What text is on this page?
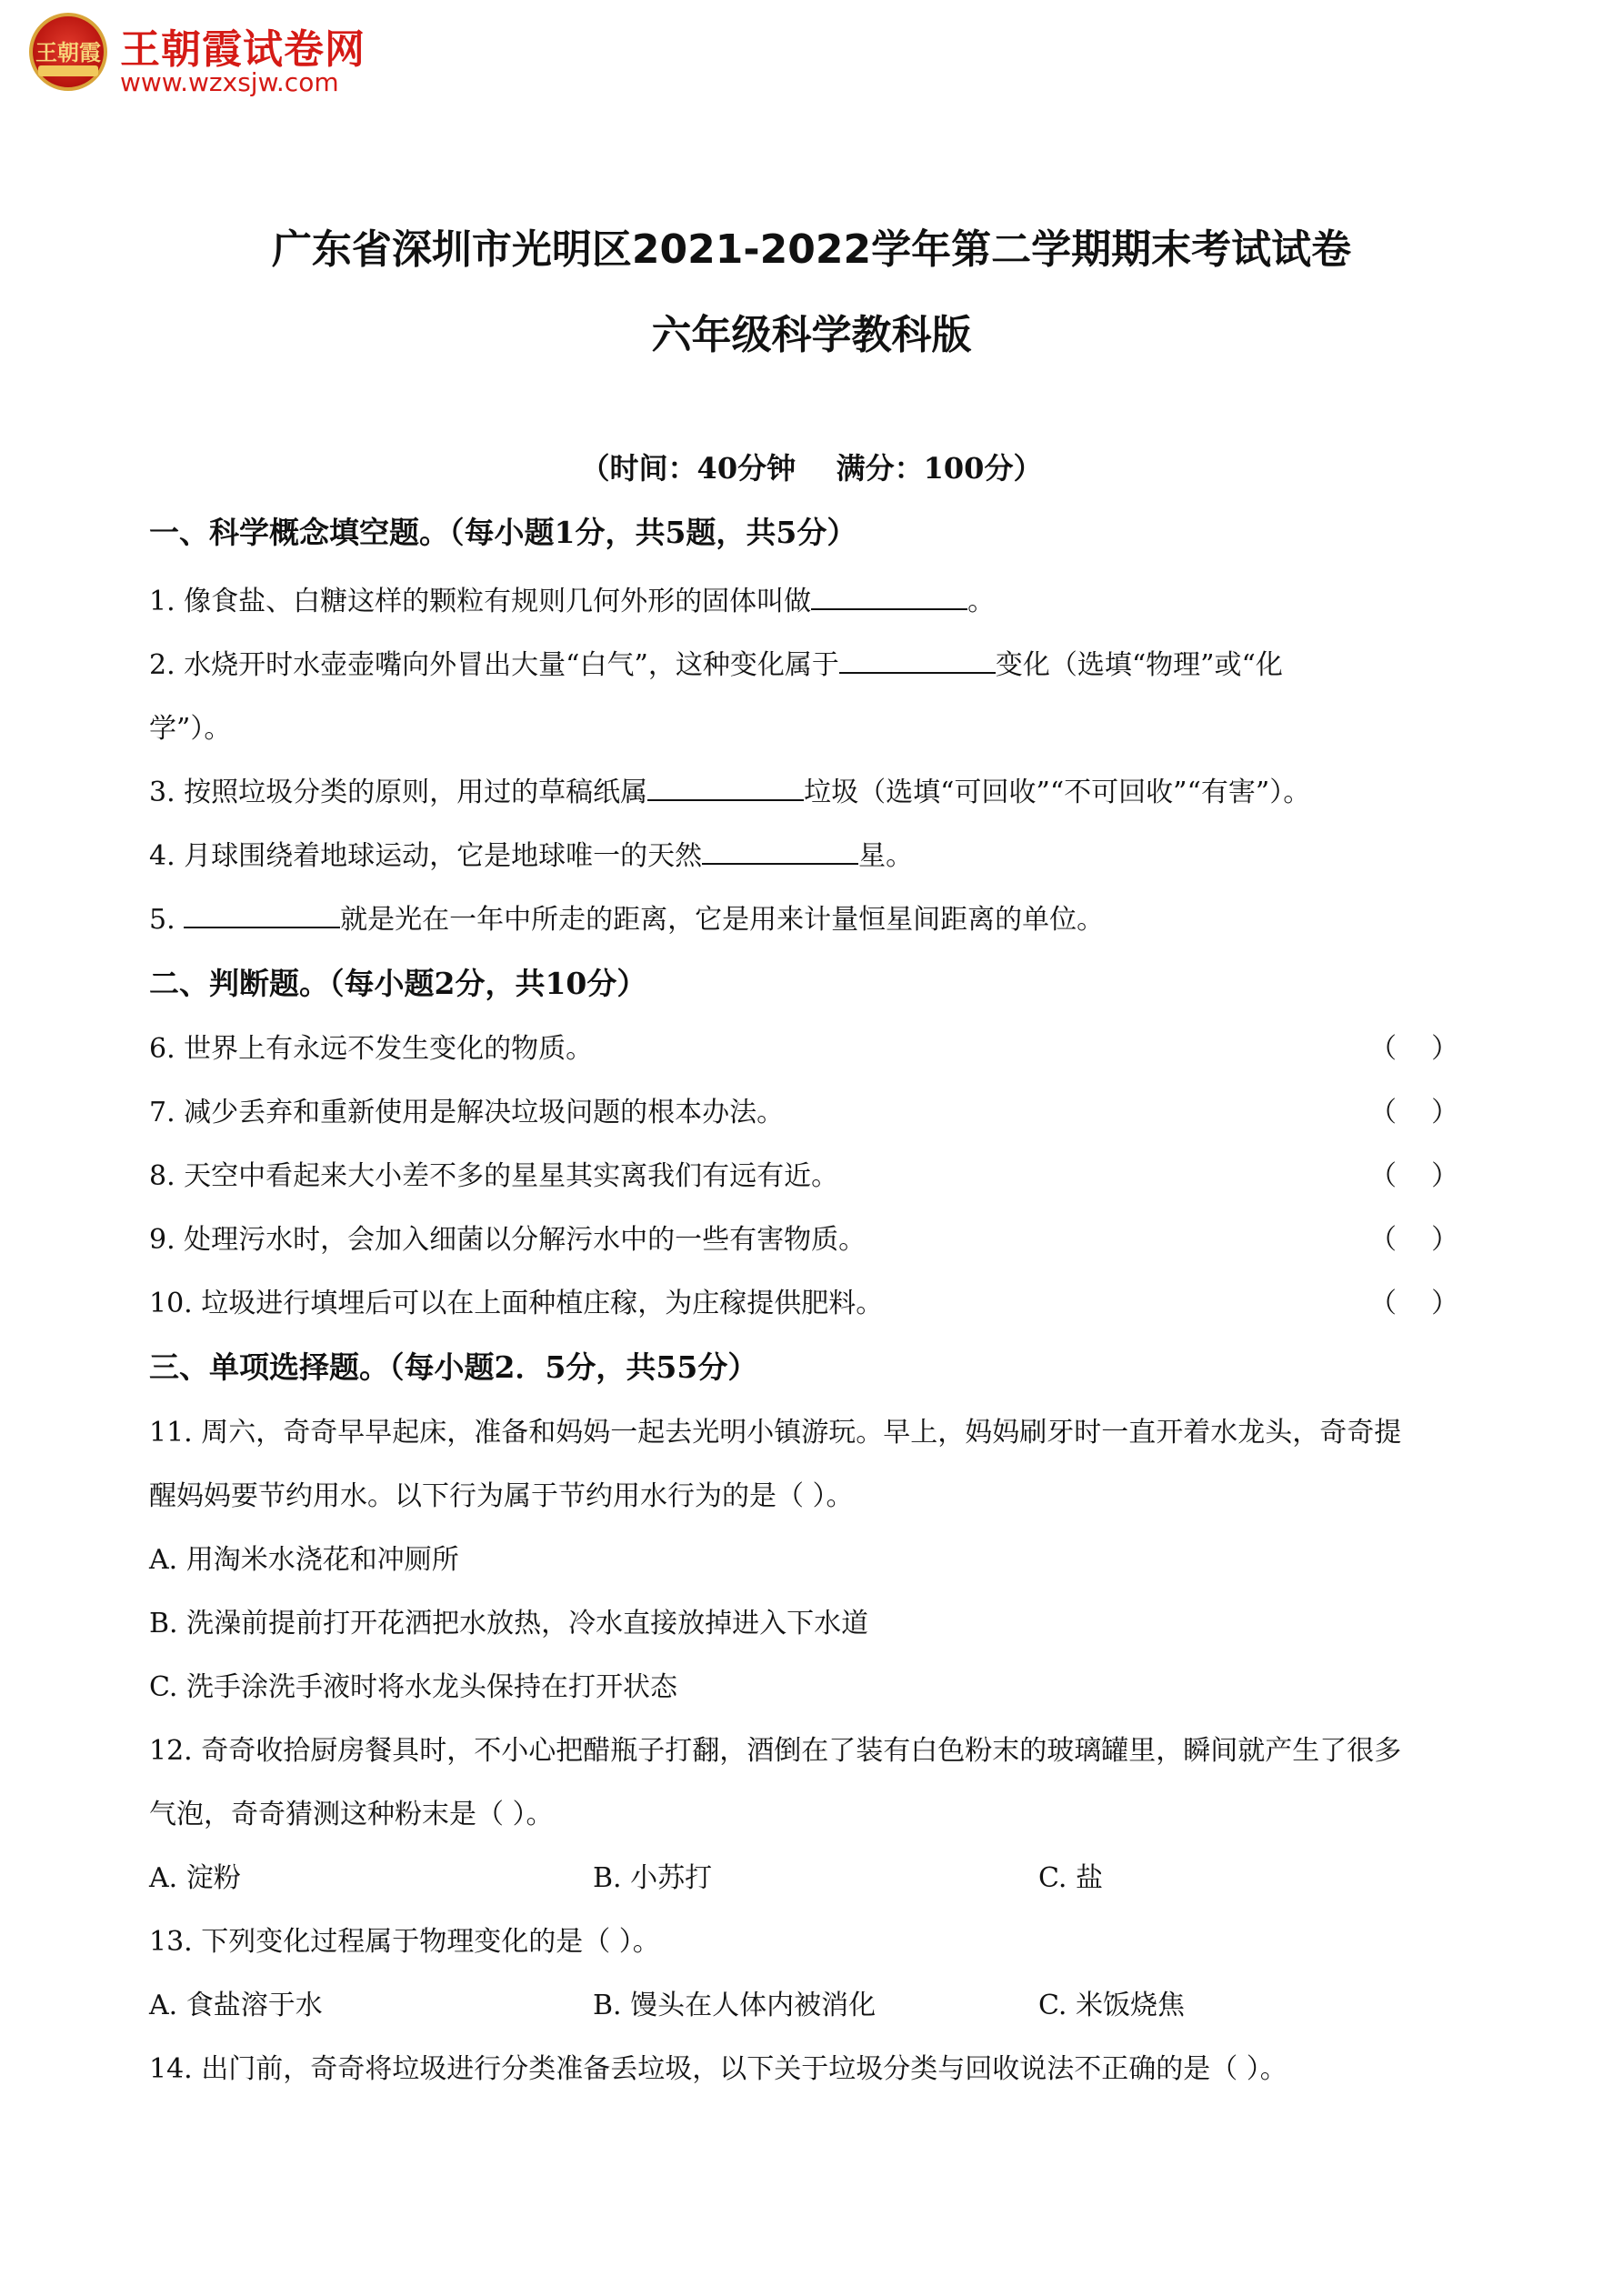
王朝霞 王朝霞试卷网
www.wzxsjw.com
广东省深圳市光明区2021-2022学年第二学期期末考试试卷
六年级科学教科版
（时间：40分钟    满分：100分）
一、科学概念填空题。（每小题1分，共5题，共5分）
1. 像食盐、白糖这样的颗粒有规则几何外形的固体叫做	。
2. 水烧开时水壶壶嘴向外冒出大量“白气”，这种变化属于	变化（选填“物理”或“化
学”）。
3. 按照垃圾分类的原则，用过的草稿纸属	垃圾（选填“可回收”“不可回收”“有害”）。
4. 月球围绕着地球运动，它是地球唯一的天然	星。
5.	就是光在一年中所走的距离，它是用来计量恒星间距离的单位。
二、判断题。（每小题2分，共10分）
6. 世界上有永远不发生变化的物质。	（    ）
7. 减少丢弃和重新使用是解决垃圾问题的根本办法。	（    ）
8. 天空中看起来大小差不多的星星其实离我们有远有近。	（    ）
9. 处理污水时，会加入细菌以分解污水中的一些有害物质。	（    ）
10. 垃圾进行填埋后可以在上面种植庄稼，为庄稼提供肥料。	（    ）
三、单项选择题。（每小题2．5分，共55分）
11. 周六，奇奇早早起床，准备和妈妈一起去光明小镇游玩。早上，妈妈刷牙时一直开着水龙头，奇奇提
醒妈妈要节约用水。以下行为属于节约用水行为的是（ ）。
A. 用淘米水浇花和冲厕所
B. 洗澡前提前打开花洒把水放热，冷水直接放掉进入下水道
C. 洗手涂洗手液时将水龙头保持在打开状态
12. 奇奇收拾厨房餐具时，不小心把醋瓶子打翻，酒倒在了装有白色粉末的玻璃罐里，瞬间就产生了很多
气泡，奇奇猜测这种粉末是（ ）。
A. 淀粉	B. 小苏打	C. 盐
13. 下列变化过程属于物理变化的是（ ）。
A. 食盐溶于水	B. 馒头在人体内被消化	C. 米饭烧焦
14. 出门前，奇奇将垃圾进行分类准备丢垃圾，以下关于垃圾分类与回收说法不正确的是（ ）。
